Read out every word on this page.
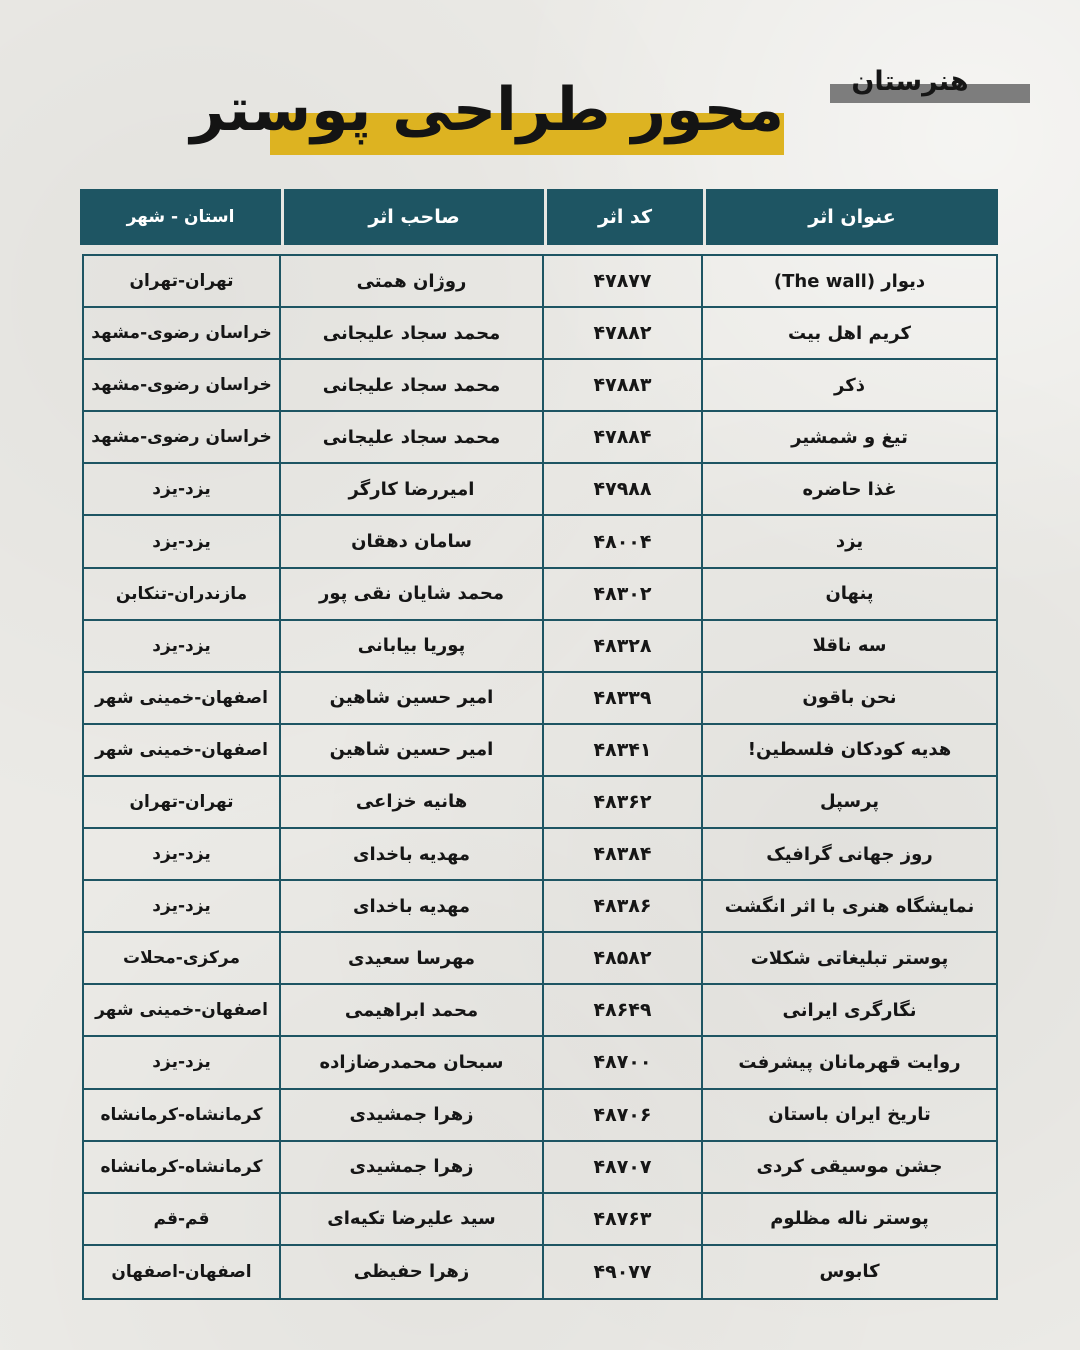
هنرستان
محور طراحی پوستر
عنوان اثر
کد اثر
صاحب اثر
استان - شهر
دیوار (The wall)
۴۷۸۷۷
روژان همتی
تهران-تهران
کریم اهل بیت
۴۷۸۸۲
محمد سجاد علیجانی
خراسان رضوی-مشهد
ذکر
۴۷۸۸۳
محمد سجاد علیجانی
خراسان رضوی-مشهد
تیغ و شمشیر
۴۷۸۸۴
محمد سجاد علیجانی
خراسان رضوی-مشهد
غذا حاضره
۴۷۹۸۸
امیررضا کارگر
یزد-یزد
یزد
۴۸۰۰۴
سامان دهقان
یزد-یزد
پنهان
۴۸۳۰۲
محمد شایان نقی پور
مازندران-تنکابن
سه ناقلا
۴۸۳۲۸
پوریا بیابانی
یزد-یزد
نحن باقون
۴۸۳۳۹
امیر حسین شاهین
اصفهان-خمینی شهر
هدیه کودکان فلسطین!
۴۸۳۴۱
امیر حسین شاهین
اصفهان-خمینی شهر
پرسپل
۴۸۳۶۲
هانیه خزاعی
تهران-تهران
روز جهانی گرافیک
۴۸۳۸۴
مهدیه باخدای
یزد-یزد
نمایشگاه هنری با اثر انگشت
۴۸۳۸۶
مهدیه باخدای
یزد-یزد
پوستر تبلیغاتی شکلات
۴۸۵۸۲
مهرسا سعیدی
مرکزی-محلات
نگارگری ایرانی
۴۸۶۴۹
محمد ابراهیمی
اصفهان-خمینی شهر
روایت قهرمانان پیشرفت
۴۸۷۰۰
سبحان محمدرضازاده
یزد-یزد
تاریخ ایران باستان
۴۸۷۰۶
زهرا جمشیدی
کرمانشاه-کرمانشاه
جشن موسیقی کردی
۴۸۷۰۷
زهرا جمشیدی
کرمانشاه-کرمانشاه
پوستر ناله مظلوم
۴۸۷۶۳
سید علیرضا تکیه‌ای
قم-قم
کابوس
۴۹۰۷۷
زهرا حفیظی
اصفهان-اصفهان
